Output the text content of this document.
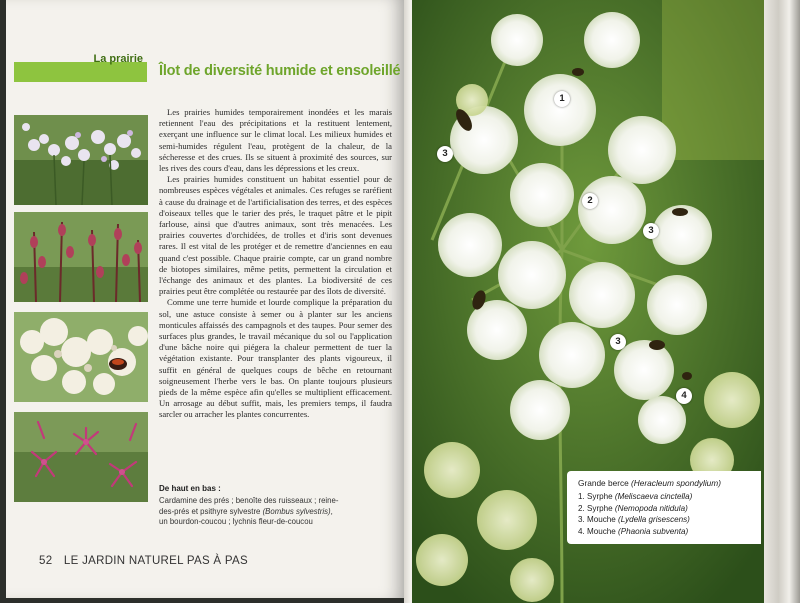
La prairie
Îlot de diversité humide et ensoleillé

Les prairies humides temporairement inondées et les marais retiennent l'eau des précipitations et la restituent lentement, exerçant une influence sur le climat local. Les milieux humides et semi-humides régulent l'eau, protègent de la chaleur, de la sécheresse et des crues. Ils se situent à proximité des sources, sur les rives des cours d'eau, dans les dépressions et les creux.

Les prairies humides constituent un habitat essentiel pour de nombreuses espèces végétales et animales. Ces refuges se raréfient à cause du drainage et de l'artificialisation des terres, et des espèces d'oiseaux telles que le tarier des prés, le traquet pâtre et le pipit farlouse, ainsi que d'autres animaux, sont très menacées. Les prairies couvertes d'orchidées, de trolles et d'iris sont devenues rares. Il est vital de les protéger et de remettre d'anciennes en eau quand c'est possible. Chaque prairie compte, car un grand nombre de biotopes similaires, même petits, permettent la circulation et l'échange des animaux et des plantes. La biodiversité de ces prairies peut être complétée ou restaurée par des îlots de diversité.

Comme une terre humide et lourde complique la préparation du sol, une astuce consiste à semer ou à planter sur les anciens monticules affaissés des campagnols et des taupes. Pour semer des surfaces plus grandes, le travail mécanique du sol ou l'application d'une bâche noire qui piégera la chaleur permettent de tuer la végétation existante. Pour transplanter des plants vigoureux, il suffit en général de quelques coups de bêche en retournant soigneusement l'herbe vers le bas. On plante toujours plusieurs pieds de la même espèce afin qu'elles se multiplient efficacement. Un arrosage au début suffit, mais, les premiers temps, il faudra sarcler ou arracher les plantes concurrentes.

De haut en bas :
Cardamine des prés ; benoîte des ruisseaux ; reine-des-prés et psithyre sylvestre (Bombus sylvestris), un bourdon-coucou ; lychnis fleur-de-coucou
52 LE JARDIN NATUREL PAS À PAS
1
2
3
3
3
4
Grande berce (Heracleum spondylium)
1. Syrphe (Meliscaeva cinctella)
2. Syrphe (Nemopoda nitidula)
3. Mouche (Lydella grisescens)
4. Mouche (Phaonia subventa)
